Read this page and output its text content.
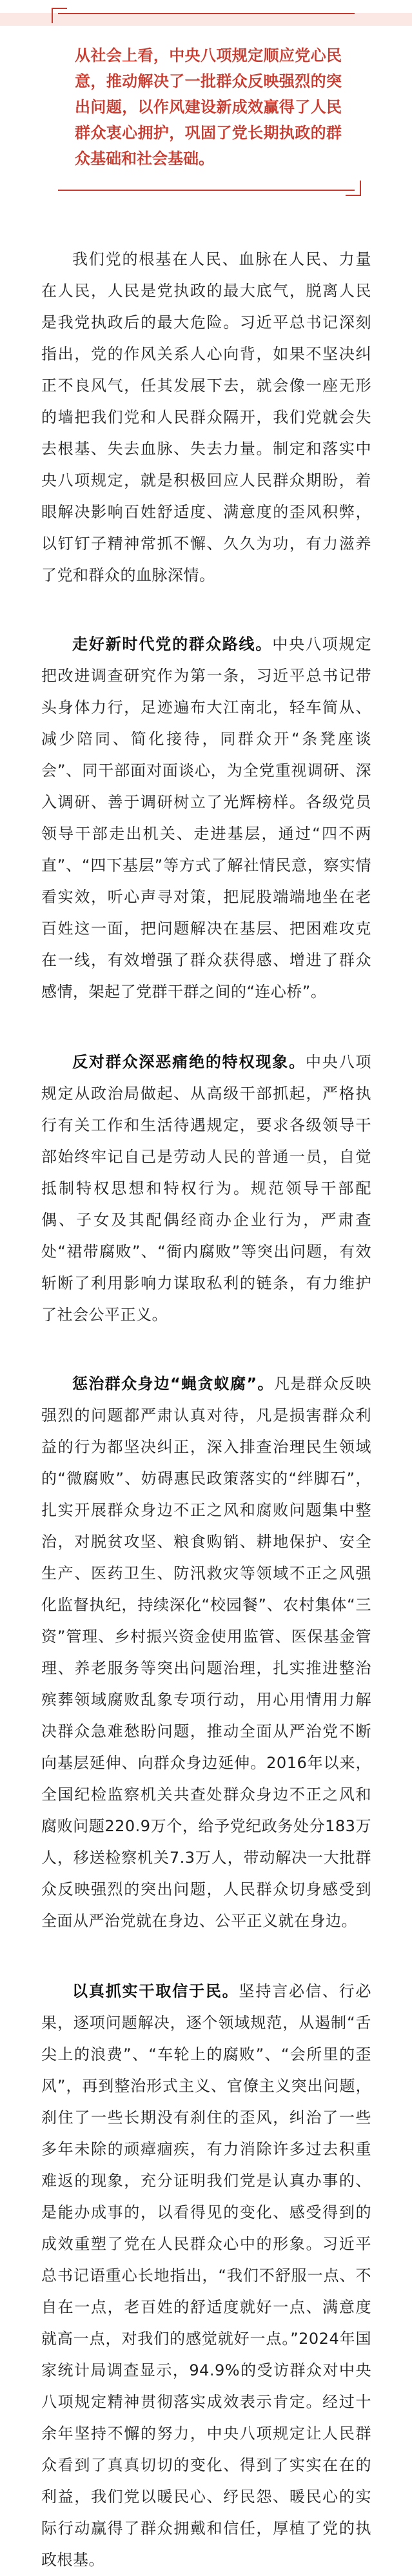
从社会上看，中央八项规定顺应党心民意，推动解决了一批群众反映强烈的突出问题，以作风建设新成效赢得了人民群众衷心拥护，巩固了党长期执政的群众基础和社会基础。

我们党的根基在人民、血脉在人民、力量在人民，人民是党执政的最大底气，脱离人民是我党执政后的最大危险。习近平总书记深刻指出，党的作风关系人心向背，如果不坚决纠正不良风气，任其发展下去，就会像一座无形的墙把我们党和人民群众隔开，我们党就会失去根基、失去血脉、失去力量。制定和落实中央八项规定，就是积极回应人民群众期盼，着眼解决影响百姓舒适度、满意度的歪风积弊，以钉钉子精神常抓不懈、久久为功，有力滋养了党和群众的血脉深情。

走好新时代党的群众路线。中央八项规定把改进调查研究作为第一条，习近平总书记带头身体力行，足迹遍布大江南北，轻车简从、减少陪同、简化接待，同群众开“条凳座谈会”、同干部面对面谈心，为全党重视调研、深入调研、善于调研树立了光辉榜样。各级党员领导干部走出机关、走进基层，通过“四不两直”、“四下基层”等方式了解社情民意，察实情看实效，听心声寻对策，把屁股端端地坐在老百姓这一面，把问题解决在基层、把困难攻克在一线，有效增强了群众获得感、增进了群众感情，架起了党群干群之间的“连心桥”。

反对群众深恶痛绝的特权现象。中央八项规定从政治局做起、从高级干部抓起，严格执行有关工作和生活待遇规定，要求各级领导干部始终牢记自己是劳动人民的普通一员，自觉抵制特权思想和特权行为。规范领导干部配偶、子女及其配偶经商办企业行为，严肃查处“裙带腐败”、“衙内腐败”等突出问题，有效斩断了利用影响力谋取私利的链条，有力维护了社会公平正义。

惩治群众身边“蝇贪蚁腐”。凡是群众反映强烈的问题都严肃认真对待，凡是损害群众利益的行为都坚决纠正，深入排查治理民生领域的“微腐败”、妨碍惠民政策落实的“绊脚石”，扎实开展群众身边不正之风和腐败问题集中整治，对脱贫攻坚、粮食购销、耕地保护、安全生产、医药卫生、防汛救灾等领域不正之风强化监督执纪，持续深化“校园餐”、农村集体“三资”管理、乡村振兴资金使用监管、医保基金管理、养老服务等突出问题治理，扎实推进整治殡葬领域腐败乱象专项行动，用心用情用力解决群众急难愁盼问题，推动全面从严治党不断向基层延伸、向群众身边延伸。2016年以来，全国纪检监察机关共查处群众身边不正之风和腐败问题220.9万个，给予党纪政务处分183万人，移送检察机关7.3万人，带动解决一大批群众反映强烈的突出问题，人民群众切身感受到全面从严治党就在身边、公平正义就在身边。

以真抓实干取信于民。坚持言必信、行必果，逐项问题解决，逐个领域规范，从遏制“舌尖上的浪费”、“车轮上的腐败”、“会所里的歪风”，再到整治形式主义、官僚主义突出问题，刹住了一些长期没有刹住的歪风，纠治了一些多年未除的顽瘴痼疾，有力消除许多过去积重难返的现象，充分证明我们党是认真办事的、是能办成事的，以看得见的变化、感受得到的成效重塑了党在人民群众心中的形象。习近平总书记语重心长地指出，“我们不舒服一点、不自在一点，老百姓的舒适度就好一点、满意度就高一点，对我们的感觉就好一点。”2024年国家统计局调查显示，94.9%的受访群众对中央八项规定精神贯彻落实成效表示肯定。经过十余年坚持不懈的努力，中央八项规定让人民群众看到了真真切切的变化、得到了实实在在的利益，我们党以暖民心、纾民怨、暖民心的实际行动赢得了群众拥戴和信任，厚植了党的执政根基。
